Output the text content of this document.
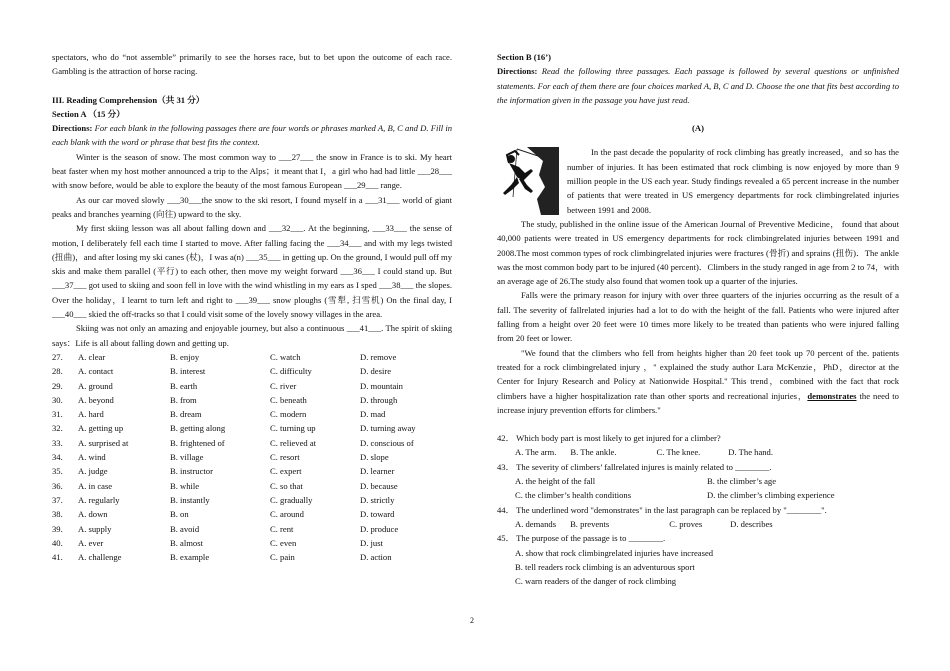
spectators, who do “not assemble” primarily to see the horses race, but to bet upon the outcome of each race. Gambling is the attraction of horse racing.

III. Reading Comprehension（共 31 分）

Section A （15 分）

Directions: For each blank in the following passages there are four words or phrases marked A, B, C and D. Fill in each blank with the word or phrase that best fits the context.

Winter is the season of snow. The most common way to ___27___ the snow in France is to ski. My heart beat faster when my host mother announced a trip to the Alps；it meant that I，a girl who had had little ___28___ with snow before, would be able to explore the beauty of the most famous European ___29___ range.

As our car moved slowly ___30___the snow to the ski resort, I found myself in a ___31___ world of giant peaks and branches yearning (向往) upward to the sky.

My first skiing lesson was all about falling down and ___32___. At the beginning, ___33___ the sense of motion, I deliberately fell each time I started to move. After falling facing the ___34___ and with my legs twisted (扭曲)，and after losing my ski canes (杖)，I was a(n) ___35___ in getting up. On the ground, I would pull off my skis and make them parallel (平行) to each other, then move my weight forward ___36___ I could stand up. But ___37___ got used to skiing and soon fell in love with the wind whistling in my ears as I sped ___38___ the slopes. Over the holiday，I learnt to turn left and right to ___39___ snow ploughs (雪犁, 扫雪机) On the final day, I ___40___ skied the off-tracks so that I could visit some of the lovely snowy villages in the area.

Skiing was not only an amazing and enjoyable journey, but also a continuous ___41___. The spirit of skiing says：Life is all about falling down and getting up.

27.	A. clear	B. enjoy	C. watch	D. remove
28.	A. contact	B. interest	C. difficulty	D. desire
29.	A. ground	B. earth	C. river	D. mountain
30.	A. beyond	B. from	C. beneath	D. through
31.	A. hard	B. dream	C. modern	D. mad
32.	A. getting up	B. getting along	C. turning up	D. turning away
33.	A. surprised at	B. frightened of	C. relieved at	D. conscious of
34.	A. wind	B. village	C. resort	D. slope
35.	A. judge	B. instructor	C. expert	D. learner
36.	A. in case	B. while	C. so that	D. because
37.	A. regularly	B. instantly	C. gradually	D. strictly
38.	A. down	B. on	C. around	D. toward
39.	A. supply	B. avoid	C. rent	D. produce
40.	A. ever	B. almost	C. even	D. just
41.	A. challenge	B. example	C. pain	D. action

Section B (16’)

Directions: Read the following three passages. Each passage is followed by several questions or unfinished statements. For each of them there are four choices marked A, B, C and D. Choose the one that fits best according to the information given in the passage you have just read.

(A)

In the past decade the popularity of rock climbing has greatly increased，and so has the number of injuries. It has been estimated that rock climbing is now enjoyed by more than 9 million people in the US each year. Study findings revealed a 65 percent increase in the number of patients that were treated in US emergency departments for rock climbingrelated injuries between 1991 and 2008.

The study, published in the online issue of the American Journal of Preventive Medicine， found that about 40,000 patients were treated in US emergency departments for rock climbingrelated injuries between 1991 and 2008.The most common types of rock climbingrelated injuries were fractures (骨折) and sprains (扭伤)．The ankle was the most common body part to be injured (40 percent)．Climbers in the study ranged in age from 2 to 74，with an average age of 26.The study also found that women took up a quarter of the injuries.

Falls were the primary reason for injury with over three quarters of the injuries occurring as the result of a fall. The severity of fallrelated injuries had a lot to do with the height of the fall. Patients who were injured after falling from a height over 20 feet were 10 times more likely to be treated than patients who were injured falling from 20 feet or lower.

"We found that the climbers who fell from heights higher than 20 feet took up 70 percent of the. patients treated for a rock climbingrelated injury ，" explained the study author Lara McKenzie，PhD，director at the Center for Injury Research and Policy at Nationwide Hospital." This trend，combined with the fact that rock climbers have a higher hospitalization rate than other sports and recreational injuries，demonstrates the need to increase injury prevention efforts for climbers."

42． Which body part is most likely to get injured for a climber?

A. The arm. B. The ankle.	C. The knee.	D. The hand.

43． The severity of climbers’ fallrelated injures is mainly related to ________.

A. the height of the fall	B. the climber’s age
C. the climber’s health conditions	D. the climber’s climbing experience

44． The underlined word "demonstrates" in the last paragraph can be replaced by "________".

A. demands B. prevents	C. proves	D. describes

45． The purpose of the passage is to ________.

A. show that rock climbingrelated injuries have increased
B. tell readers rock climbing is an adventurous sport
C. warn readers of the danger of rock climbing
2
